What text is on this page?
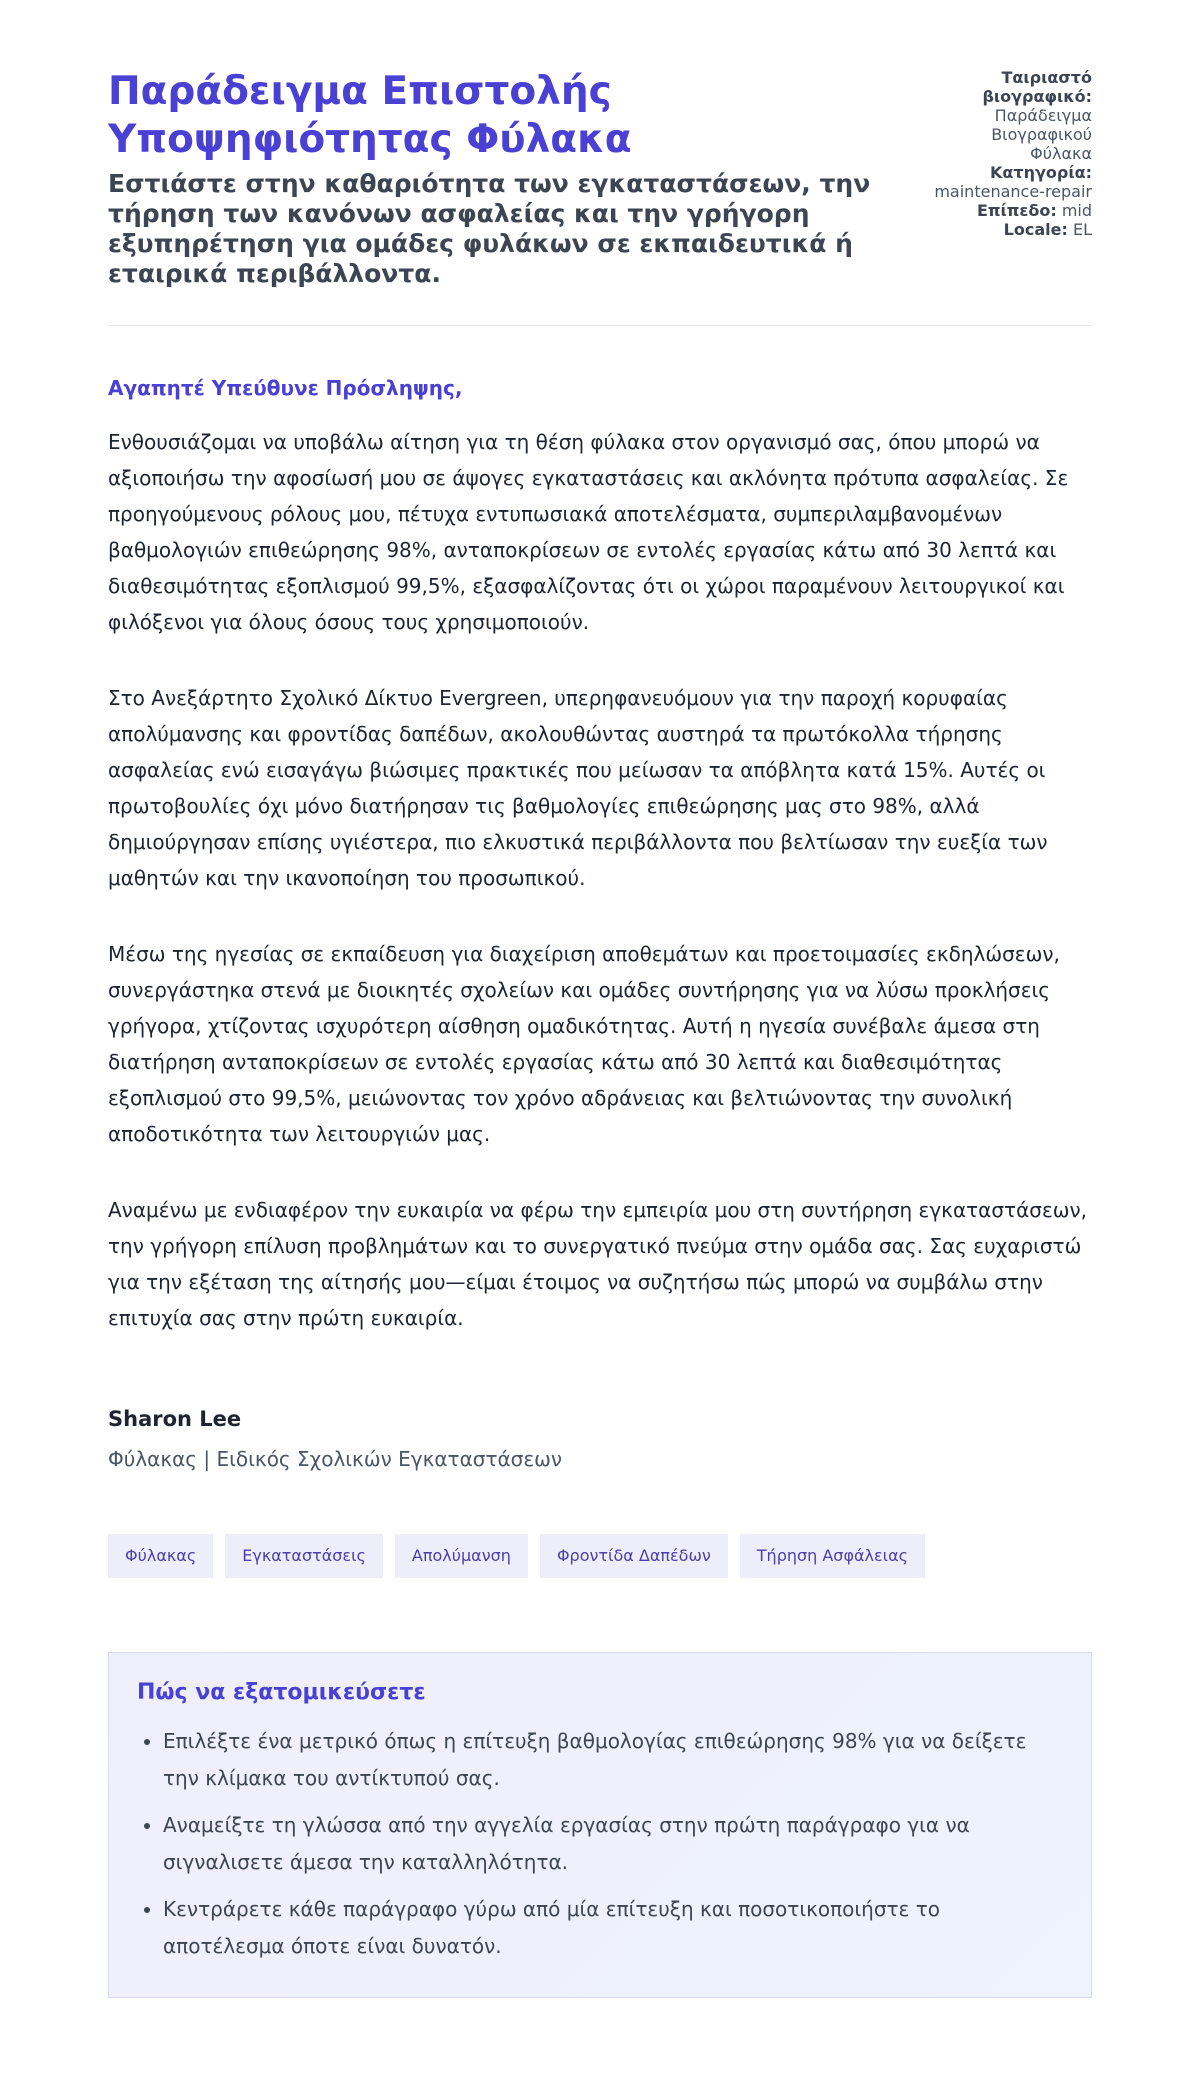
Παράδειγμα Επιστολής Υποψηφιότητας Φύλακα

Εστιάστε στην καθαριότητα των εγκαταστάσεων, την τήρηση των κανόνων ασφαλείας και την γρήγορη εξυπηρέτηση για ομάδες φυλάκων σε εκπαιδευτικά ή εταιρικά περιβάλλοντα.

Ταιριαστό βιογραφικό: Παράδειγμα Βιογραφικού Φύλακα

Κατηγορία: maintenance-repair

Επίπεδο: mid

Locale: EL

Αγαπητέ Υπεύθυνε Πρόσληψης,

Ενθουσιάζομαι να υποβάλω αίτηση για τη θέση φύλακα στον οργανισμό σας, όπου μπορώ να αξιοποιήσω την αφοσίωσή μου σε άψογες εγκαταστάσεις και ακλόνητα πρότυπα ασφαλείας. Σε προηγούμενους ρόλους μου, πέτυχα εντυπωσιακά αποτελέσματα, συμπεριλαμβανομένων βαθμολογιών επιθεώρησης 98%, ανταποκρίσεων σε εντολές εργασίας κάτω από 30 λεπτά και διαθεσιμότητας εξοπλισμού 99,5%, εξασφαλίζοντας ότι οι χώροι παραμένουν λειτουργικοί και φιλόξενοι για όλους όσους τους χρησιμοποιούν.

Στο Ανεξάρτητο Σχολικό Δίκτυο Evergreen, υπερηφανευόμουν για την παροχή κορυφαίας απολύμανσης και φροντίδας δαπέδων, ακολουθώντας αυστηρά τα πρωτόκολλα τήρησης ασφαλείας ενώ εισαγάγω βιώσιμες πρακτικές που μείωσαν τα απόβλητα κατά 15%. Αυτές οι πρωτοβουλίες όχι μόνο διατήρησαν τις βαθμολογίες επιθεώρησης μας στο 98%, αλλά δημιούργησαν επίσης υγιέστερα, πιο ελκυστικά περιβάλλοντα που βελτίωσαν την ευεξία των μαθητών και την ικανοποίηση του προσωπικού.

Μέσω της ηγεσίας σε εκπαίδευση για διαχείριση αποθεμάτων και προετοιμασίες εκδηλώσεων, συνεργάστηκα στενά με διοικητές σχολείων και ομάδες συντήρησης για να λύσω προκλήσεις γρήγορα, χτίζοντας ισχυρότερη αίσθηση ομαδικότητας. Αυτή η ηγεσία συνέβαλε άμεσα στη διατήρηση ανταποκρίσεων σε εντολές εργασίας κάτω από 30 λεπτά και διαθεσιμότητας εξοπλισμού στο 99,5%, μειώνοντας τον χρόνο αδράνειας και βελτιώνοντας την συνολική αποδοτικότητα των λειτουργιών μας.

Αναμένω με ενδιαφέρον την ευκαιρία να φέρω την εμπειρία μου στη συντήρηση εγκαταστάσεων, την γρήγορη επίλυση προβλημάτων και το συνεργατικό πνεύμα στην ομάδα σας. Σας ευχαριστώ για την εξέταση της αίτησής μου—είμαι έτοιμος να συζητήσω πώς μπορώ να συμβάλω στην επιτυχία σας στην πρώτη ευκαιρία.

Sharon Lee

Φύλακας | Ειδικός Σχολικών Εγκαταστάσεων

Φύλακας	Εγκαταστάσεις	Απολύμανση	Φροντίδα Δαπέδων	Τήρηση Ασφάλειας
Πώς να εξατομικεύσετε
• Επιλέξτε ένα μετρικό όπως η επίτευξη βαθμολογίας επιθεώρησης 98% για να δείξετε την κλίμακα του αντίκτυπού σας.
• Αναμείξτε τη γλώσσα από την αγγελία εργασίας στην πρώτη παράγραφο για να σιγναλισετε άμεσα την καταλληλότητα.
• Κεντράρετε κάθε παράγραφο γύρω από μία επίτευξη και ποσοτικοποιήστε το αποτέλεσμα όποτε είναι δυνατόν.
